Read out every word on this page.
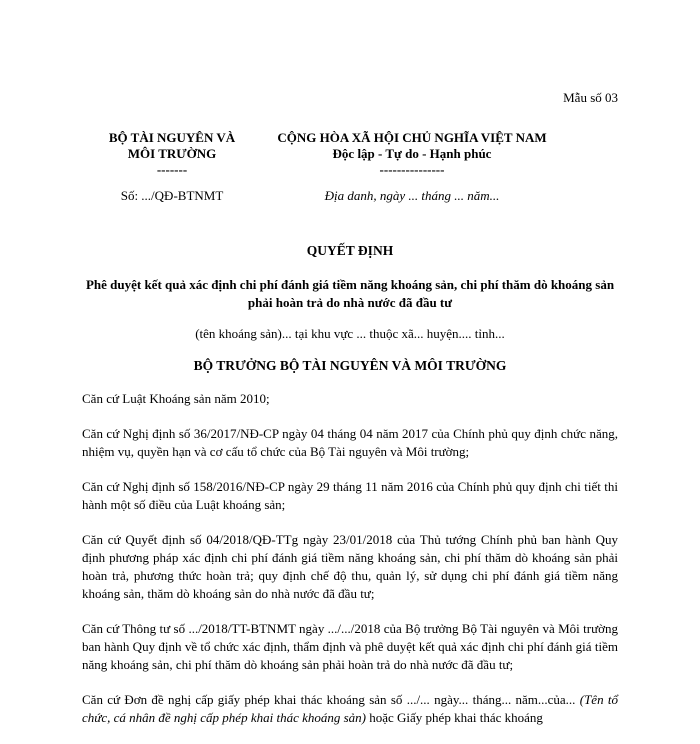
Mẫu số 03
BỘ TÀI NGUYÊN VÀ
MÔI TRƯỜNG
-------
CỘNG HÒA XÃ HỘI CHỦ NGHĨA VIỆT NAM
Độc lập - Tự do - Hạnh phúc
---------------
Số: .../QĐ-BTNMT	Địa danh, ngày ... tháng ... năm...
QUYẾT ĐỊNH
Phê duyệt kết quả xác định chi phí đánh giá tiềm năng khoáng sản, chi phí thăm dò khoáng sản phải hoàn trả do nhà nước đã đầu tư
(tên khoáng sản)... tại khu vực ... thuộc xã... huyện.... tỉnh...
BỘ TRƯỞNG BỘ TÀI NGUYÊN VÀ MÔI TRƯỜNG

Căn cứ Luật Khoáng sản năm 2010;

Căn cứ Nghị định số 36/2017/NĐ-CP ngày 04 tháng 04 năm 2017 của Chính phủ quy định chức năng, nhiệm vụ, quyền hạn và cơ cấu tổ chức của Bộ Tài nguyên và Môi trường;

Căn cứ Nghị định số 158/2016/NĐ-CP ngày 29 tháng 11 năm 2016 của Chính phủ quy định chi tiết thi hành một số điều của Luật khoáng sản;

Căn cứ Quyết định số 04/2018/QĐ-TTg ngày 23/01/2018 của Thủ tướng Chính phủ ban hành Quy định phương pháp xác định chi phí đánh giá tiềm năng khoáng sản, chi phí thăm dò khoáng sản phải hoàn trả, phương thức hoàn trả; quy định chế độ thu, quản lý, sử dụng chi phí đánh giá tiềm năng khoáng sản, thăm dò khoáng sản do nhà nước đã đầu tư;

Căn cứ Thông tư số .../2018/TT-BTNMT ngày .../.../2018 của Bộ trưởng Bộ Tài nguyên và Môi trường ban hành Quy định về tổ chức xác định, thẩm định và phê duyệt kết quả xác định chi phí đánh giá tiềm năng khoáng sản, chi phí thăm dò khoáng sản phải hoàn trả do nhà nước đã đầu tư;

Căn cứ Đơn đề nghị cấp giấy phép khai thác khoáng sản số .../... ngày... tháng... năm...của... (Tên tổ chức, cá nhân đề nghị cấp phép khai thác khoáng sản) hoặc Giấy phép khai thác khoáng
